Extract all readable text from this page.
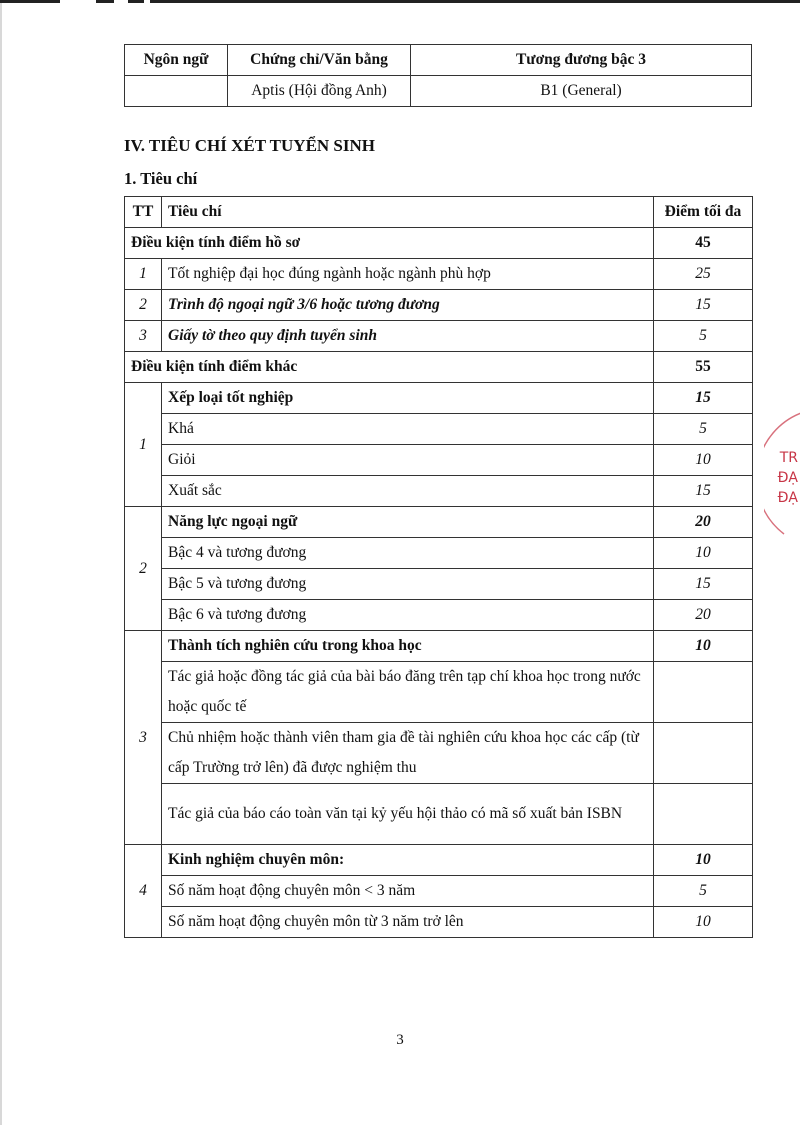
Ngôn ngữ	Chứng chỉ/Văn bằng	Tương đương bậc 3
	Aptis (Hội đồng Anh)	B1 (General)
IV. TIÊU CHÍ XÉT TUYỂN SINH
1. Tiêu chí
TT	Tiêu chí	Điểm tối đa
Điều kiện tính điểm hồ sơ		45
1	Tốt nghiệp đại học đúng ngành hoặc ngành phù hợp	25
2	Trình độ ngoại ngữ 3/6 hoặc tương đương	15
3	Giấy tờ theo quy định tuyển sinh	5
Điều kiện tính điểm khác		55
1	Xếp loại tốt nghiệp	15
	Khá	5
	Giỏi	10
	Xuất sắc	15
2	Năng lực ngoại ngữ	20
	Bậc 4 và tương đương	10
	Bậc 5 và tương đương	15
	Bậc 6 và tương đương	20
3	Thành tích nghiên cứu trong khoa học	10
	Tác giả hoặc đồng tác giả của bài báo đăng trên tạp chí khoa học trong nước hoặc quốc tế	
	Chủ nhiệm hoặc thành viên tham gia đề tài nghiên cứu khoa học các cấp (từ cấp Trường trở lên) đã được nghiệm thu	
	Tác giả của báo cáo toàn văn tại kỷ yếu hội thảo có mã số xuất bản ISBN	
4	Kinh nghiệm chuyên môn:	10
	Số năm hoạt động chuyên môn < 3 năm	5
	Số năm hoạt động chuyên môn từ 3 năm trở lên	10
3
TR
ĐẠ
ĐẠ
